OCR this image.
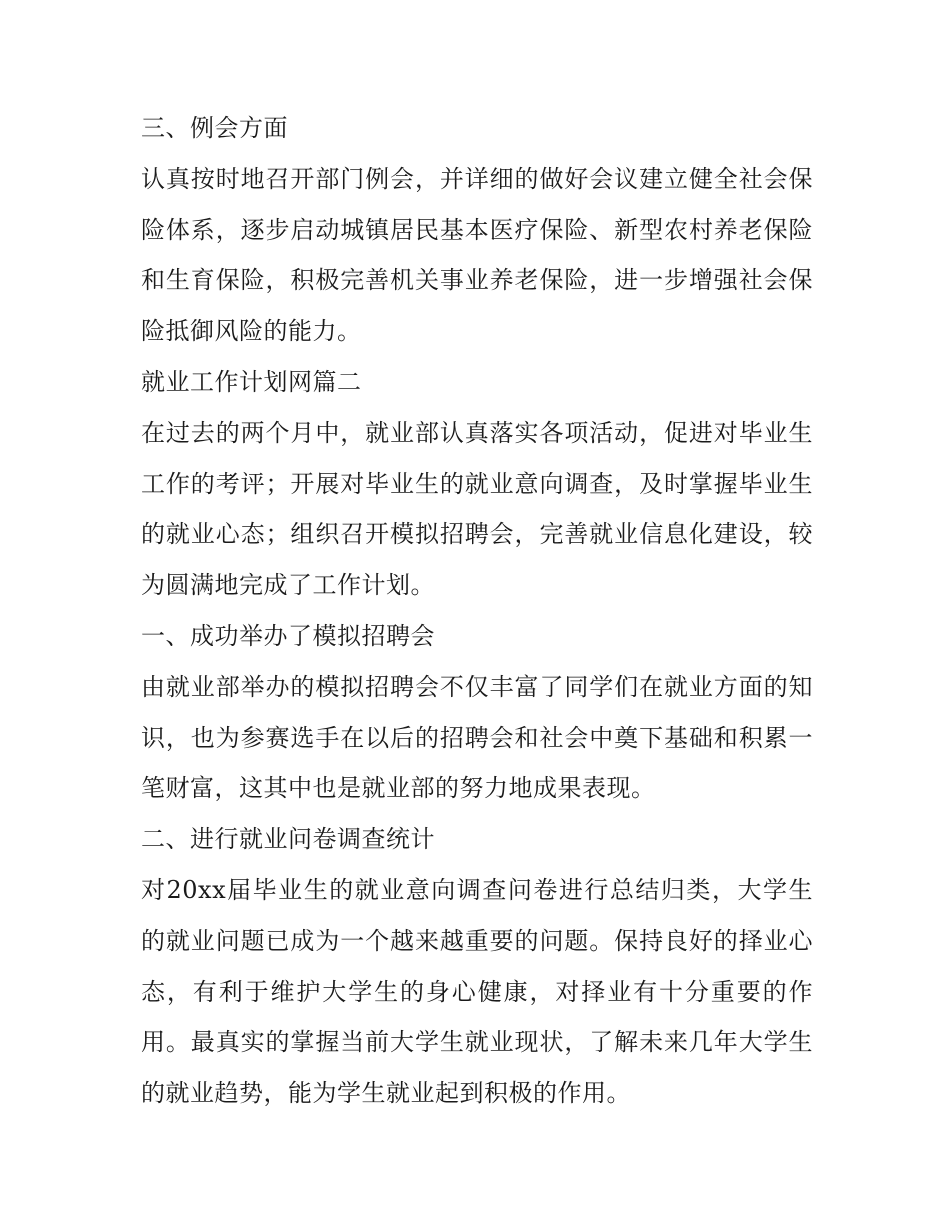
三、例会方面

认真按时地召开部门例会，并详细的做好会议建立健全社会保险体系，逐步启动城镇居民基本医疗保险、新型农村养老保险和生育保险，积极完善机关事业养老保险，进一步增强社会保险抵御风险的能力。

就业工作计划网篇二

在过去的两个月中，就业部认真落实各项活动，促进对毕业生工作的考评；开展对毕业生的就业意向调查，及时掌握毕业生的就业心态；组织召开模拟招聘会，完善就业信息化建设，较为圆满地完成了工作计划。

一、成功举办了模拟招聘会

由就业部举办的模拟招聘会不仅丰富了同学们在就业方面的知识，也为参赛选手在以后的招聘会和社会中奠下基础和积累一笔财富，这其中也是就业部的努力地成果表现。

二、进行就业问卷调查统计

对20xx届毕业生的就业意向调查问卷进行总结归类，大学生的就业问题已成为一个越来越重要的问题。保持良好的择业心态，有利于维护大学生的身心健康，对择业有十分重要的作用。最真实的掌握当前大学生就业现状，了解未来几年大学生的就业趋势，能为学生就业起到积极的作用。
